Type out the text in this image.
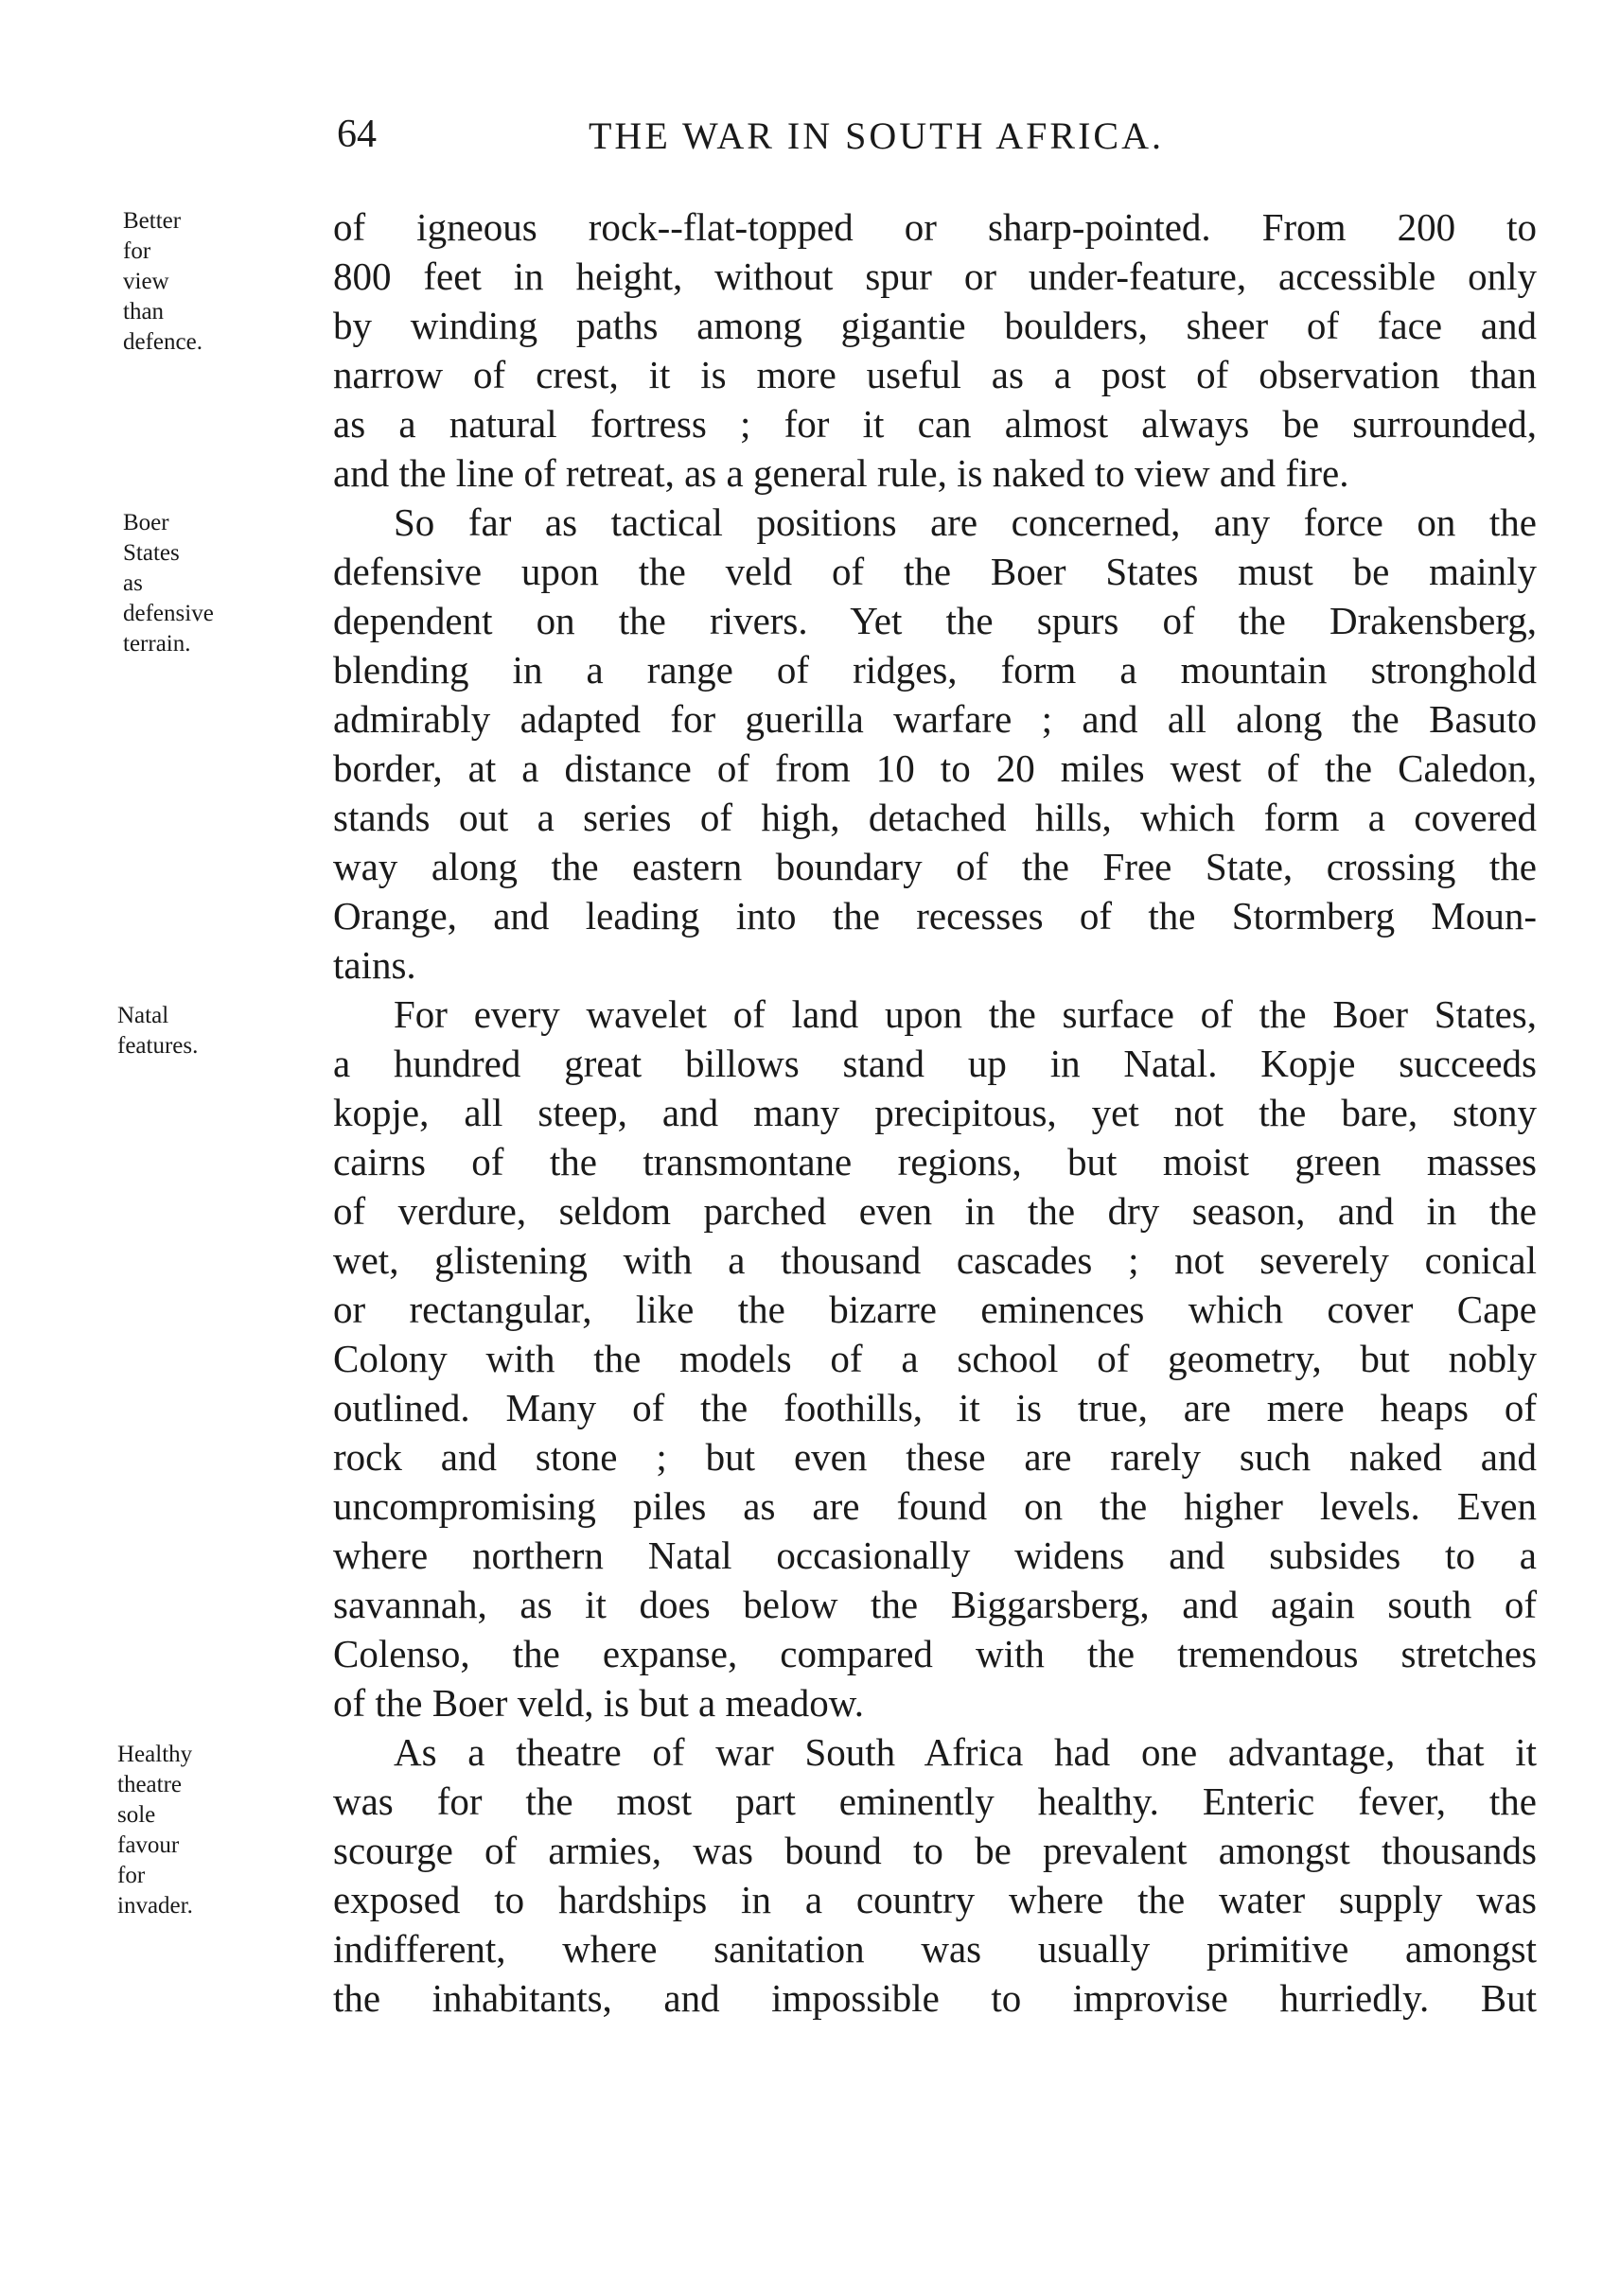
64	THE WAR IN SOUTH AFRICA.
of igneous rock--flat-topped or sharp-pointed. From 200 to
800 feet in height, without spur or under-feature, accessible only
by winding paths among gigantie boulders, sheer of face and
narrow of crest, it is more useful as a post of observation than
as a natural fortress ; for it can almost always be surrounded,
and the line of retreat, as a general rule, is naked to view and fire.
So far as tactical positions are concerned, any force on the
defensive upon the veld of the Boer States must be mainly
dependent on the rivers. Yet the spurs of the Drakensberg,
blending in a range of ridges, form a mountain stronghold
admirably adapted for guerilla warfare ; and all along the Basuto
border, at a distance of from 10 to 20 miles west of the Caledon,
stands out a series of high, detached hills, which form a covered
way along the eastern boundary of the Free State, crossing the
Orange, and leading into the recesses of the Stormberg Moun-
tains.
For every wavelet of land upon the surface of the Boer States,
a hundred great billows stand up in Natal. Kopje succeeds
kopje, all steep, and many precipitous, yet not the bare, stony
cairns of the transmontane regions, but moist green masses
of verdure, seldom parched even in the dry season, and in the
wet, glistening with a thousand cascades ; not severely conical
or rectangular, like the bizarre eminences which cover Cape
Colony with the models of a school of geometry, but nobly
outlined. Many of the foothills, it is true, are mere heaps of
rock and stone ; but even these are rarely such naked and
uncompromising piles as are found on the higher levels. Even
where northern Natal occasionally widens and subsides to a
savannah, as it does below the Biggarsberg, and again south of
Colenso, the expanse, compared with the tremendous stretches
of the Boer veld, is but a meadow.
As a theatre of war South Africa had one advantage, that it
was for the most part eminently healthy. Enteric fever, the
scourge of armies, was bound to be prevalent amongst thousands
exposed to hardships in a country where the water supply was
indifferent, where sanitation was usually primitive amongst
the inhabitants, and impossible to improvise hurriedly. But
Better
for
view
than
defence.
Boer
States
as
defensive
terrain.
Natal
features.
Healthy
theatre
sole
favour
for
invader.
